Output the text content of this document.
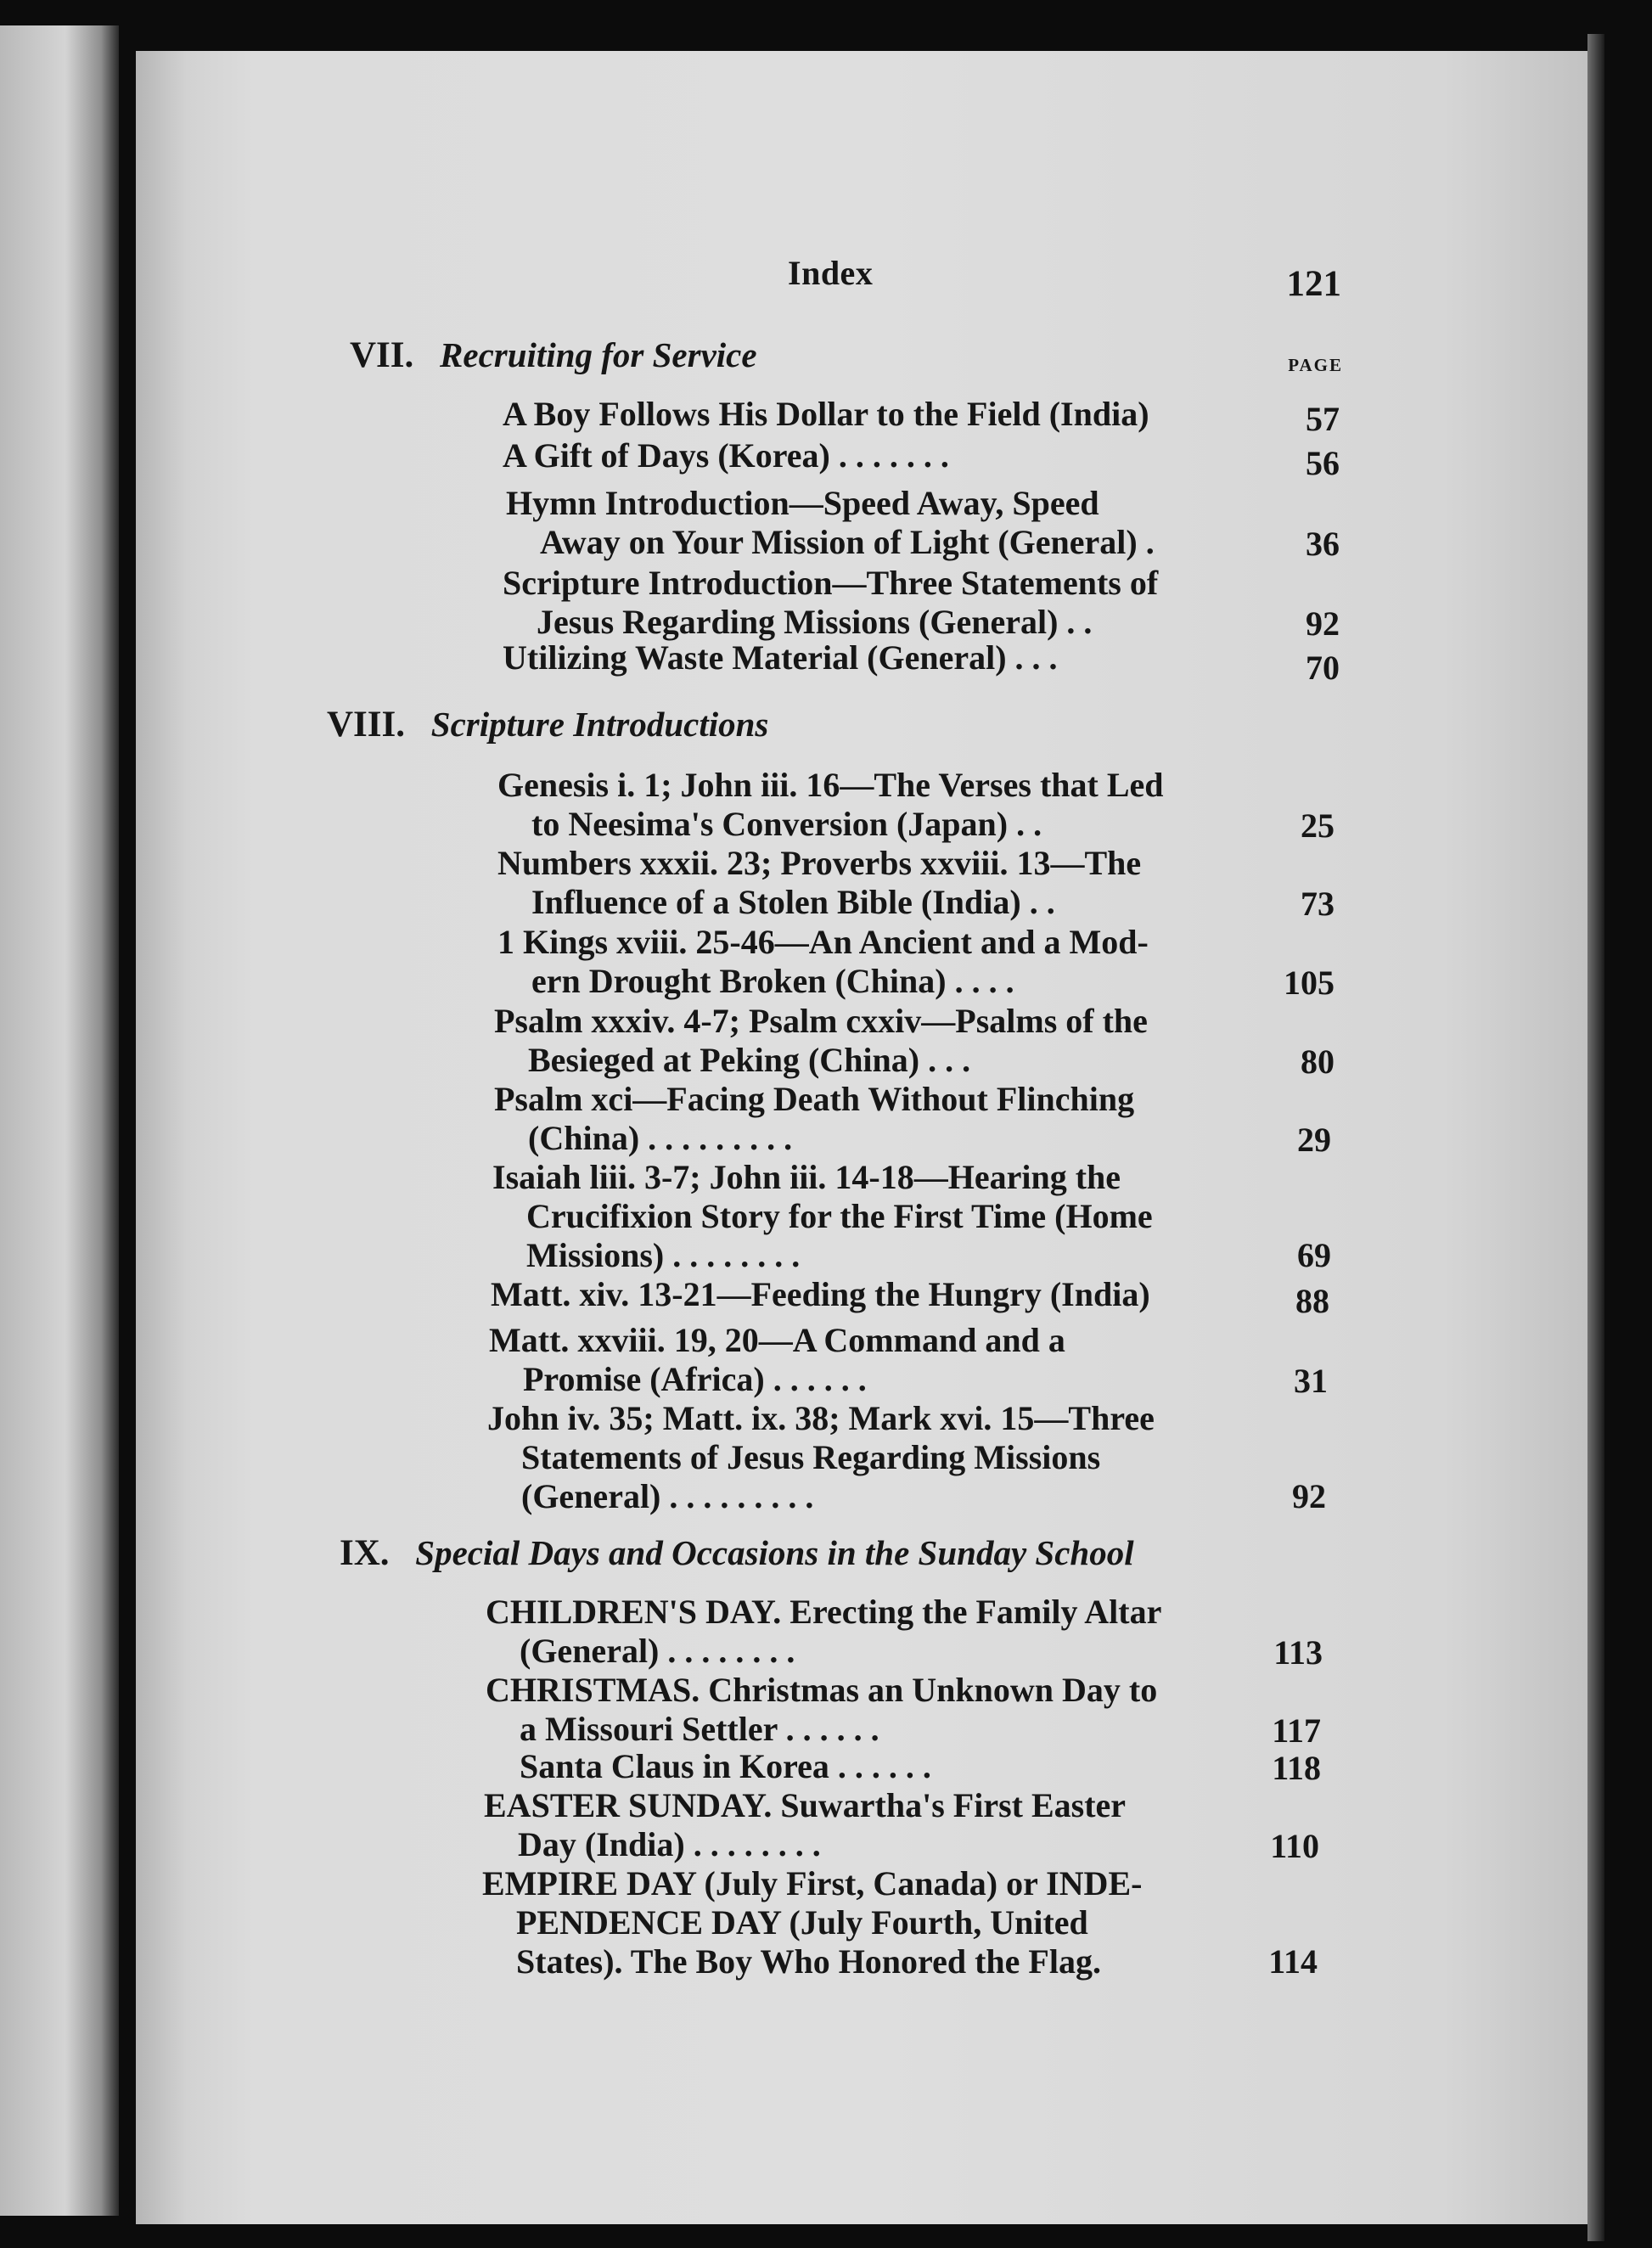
Index	121
PAGE
VII. Recruiting for Service
A Boy Follows His Dollar to the Field (India)	57
A Gift of Days (Korea) . . . . . . .	56
Hymn Introduction—Speed Away, Speed
Away on Your Mission of Light (General) .	36
Scripture Introduction—Three Statements of
Jesus Regarding Missions (General) . .	92
Utilizing Waste Material (General) . . .	70
VIII. Scripture Introductions
Genesis i. 1; John iii. 16—The Verses that Led
to Neesima's Conversion (Japan) . .	25
Numbers xxxii. 23; Proverbs xxviii. 13—The
Influence of a Stolen Bible (India) . .	73
1 Kings xviii. 25-46—An Ancient and a Mod-
ern Drought Broken (China) . . . .	105
Psalm xxxiv. 4-7; Psalm cxxiv—Psalms of the
Besieged at Peking (China) . . .	80
Psalm xci—Facing Death Without Flinching
(China) . . . . . . . . .	29
Isaiah liii. 3-7; John iii. 14-18—Hearing the
Crucifixion Story for the First Time (Home
Missions) . . . . . . . .	69
Matt. xiv. 13-21—Feeding the Hungry (India)	88
Matt. xxviii. 19, 20—A Command and a
Promise (Africa) . . . . . .	31
John iv. 35; Matt. ix. 38; Mark xvi. 15—Three
Statements of Jesus Regarding Missions
(General) . . . . . . . . .	92
IX. Special Days and Occasions in the Sunday School
CHILDREN'S DAY. Erecting the Family Altar
(General) . . . . . . . .	113
CHRISTMAS. Christmas an Unknown Day to
a Missouri Settler . . . . . .	117
Santa Claus in Korea . . . . . .	118
EASTER SUNDAY. Suwartha's First Easter
Day (India) . . . . . . . .	110
EMPIRE DAY (July First, Canada) or INDE-
PENDENCE DAY (July Fourth, United
States). The Boy Who Honored the Flag.	114
